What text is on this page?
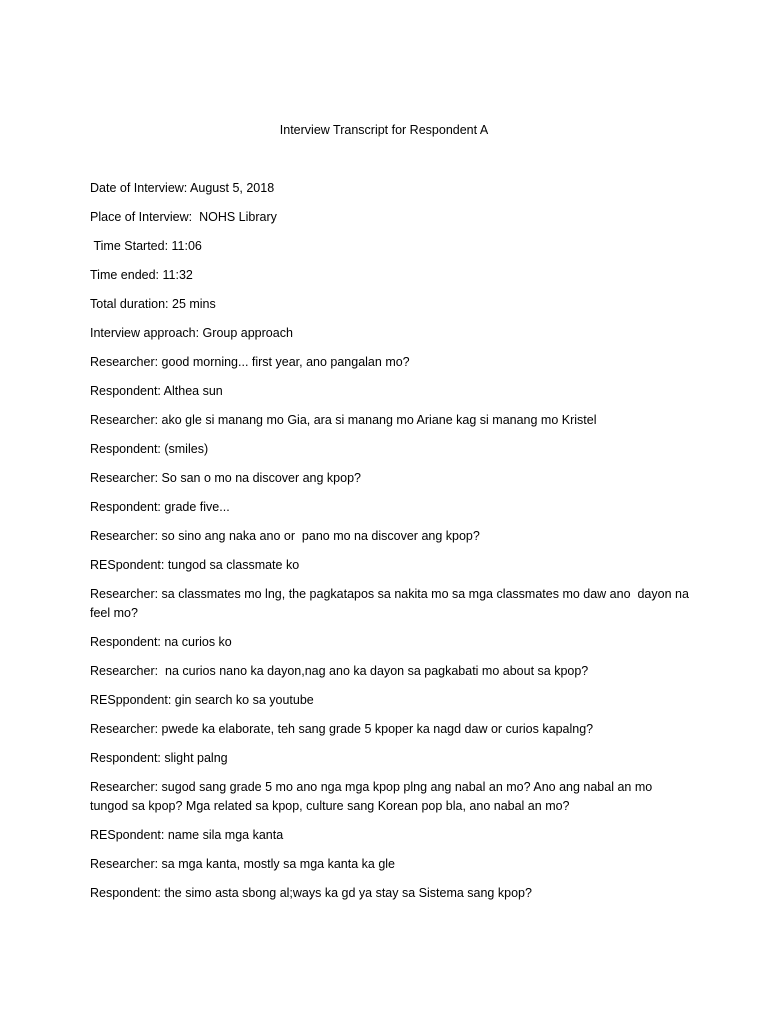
Interview Transcript for Respondent A

Date of Interview: August 5, 2018

Place of Interview:  NOHS Library

Time Started: 11:06

Time ended: 11:32

Total duration: 25 mins

Interview approach: Group approach

Researcher: good morning... first year, ano pangalan mo?

Respondent: Althea sun

Researcher: ako gle si manang mo Gia, ara si manang mo Ariane kag si manang mo Kristel

Respondent: (smiles)

Researcher: So san o mo na discover ang kpop?

Respondent: grade five...

Researcher: so sino ang naka ano or  pano mo na discover ang kpop?

RESpondent: tungod sa classmate ko

Researcher: sa classmates mo lng, the pagkatapos sa nakita mo sa mga classmates mo daw ano  dayon na feel mo?

Respondent: na curios ko

Researcher:  na curios nano ka dayon,nag ano ka dayon sa pagkabati mo about sa kpop?

RESppondent: gin search ko sa youtube

Researcher: pwede ka elaborate, teh sang grade 5 kpoper ka nagd daw or curios kapalng?

Respondent: slight palng

Researcher: sugod sang grade 5 mo ano nga mga kpop plng ang nabal an mo? Ano ang nabal an mo tungod sa kpop? Mga related sa kpop, culture sang Korean pop bla, ano nabal an mo?

RESpondent: name sila mga kanta

Researcher: sa mga kanta, mostly sa mga kanta ka gle

Respondent: the simo asta sbong al;ways ka gd ya stay sa Sistema sang kpop?
